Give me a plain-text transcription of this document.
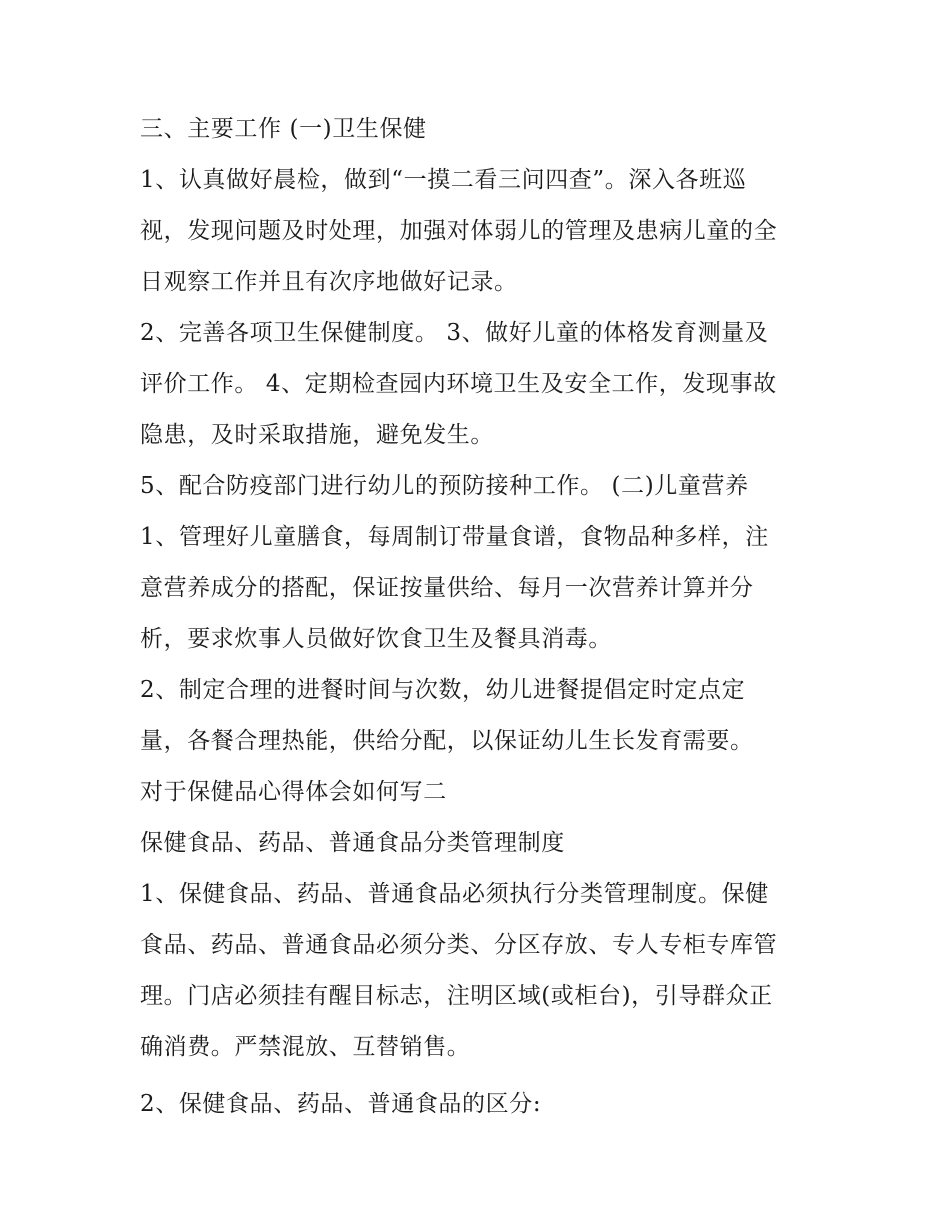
三、主要工作 (一)卫生保健
1、认真做好晨检，做到“一摸二看三问四查”。深入各班巡
视，发现问题及时处理，加强对体弱儿的管理及患病儿童的全
日观察工作并且有次序地做好记录。
2、完善各项卫生保健制度。 3、做好儿童的体格发育测量及
评价工作。 4、定期检查园内环境卫生及安全工作，发现事故
隐患，及时采取措施，避免发生。
5、配合防疫部门进行幼儿的预防接种工作。 (二)儿童营养
1、管理好儿童膳食，每周制订带量食谱，食物品种多样，注
意营养成分的搭配，保证按量供给、每月一次营养计算并分
析，要求炊事人员做好饮食卫生及餐具消毒。
2、制定合理的进餐时间与次数，幼儿进餐提倡定时定点定
量，各餐合理热能，供给分配，以保证幼儿生长发育需要。
对于保健品心得体会如何写二
保健食品、药品、普通食品分类管理制度
1、保健食品、药品、普通食品必须执行分类管理制度。保健
食品、药品、普通食品必须分类、分区存放、专人专柜专库管
理。门店必须挂有醒目标志，注明区域(或柜台)，引导群众正
确消费。严禁混放、互替销售。
2、保健食品、药品、普通食品的区分:
